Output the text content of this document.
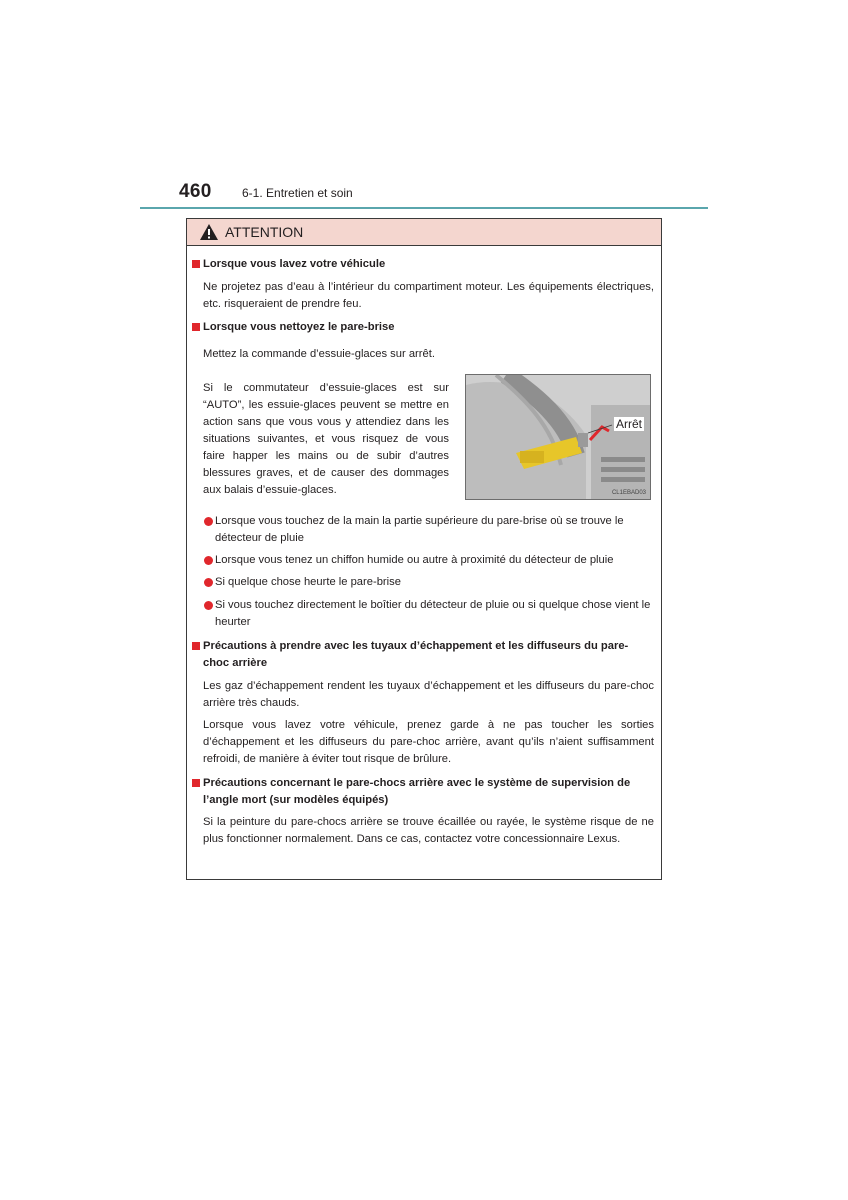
460	6-1. Entretien et soin
ATTENTION
Lorsque vous lavez votre véhicule
Ne projetez pas d’eau à l’intérieur du compartiment moteur. Les équipements électriques, etc. risqueraient de prendre feu.
Lorsque vous nettoyez le pare-brise
Mettez la commande d’essuie-glaces sur arrêt.
Si le commutateur d’essuie-glaces est sur “AUTO”, les essuie-glaces peuvent se mettre en action sans que vous vous y attendiez dans les situations suivantes, et vous risquez de vous faire happer les mains ou de subir d’autres blessures graves, et de causer des dommages aux balais d’essuie-glaces.
Arrêt
CL1EBAD03
Lorsque vous touchez de la main la partie supérieure du pare-brise où se trouve le détecteur de pluie
Lorsque vous tenez un chiffon humide ou autre à proximité du détecteur de pluie
Si quelque chose heurte le pare-brise
Si vous touchez directement le boîtier du détecteur de pluie ou si quelque chose vient le heurter
Précautions à prendre avec les tuyaux d’échappement et les diffuseurs du pare-choc arrière
Les gaz d’échappement rendent les tuyaux d’échappement et les diffuseurs du pare-choc arrière très chauds.
Lorsque vous lavez votre véhicule, prenez garde à ne pas toucher les sorties d’échappement et les diffuseurs du pare-choc arrière, avant qu’ils n’aient suffisamment refroidi, de manière à éviter tout risque de brûlure.
Précautions concernant le pare-chocs arrière avec le système de supervision de l’angle mort (sur modèles équipés)
Si la peinture du pare-chocs arrière se trouve écaillée ou rayée, le système risque de ne plus fonctionner normalement. Dans ce cas, contactez votre concessionnaire Lexus.
